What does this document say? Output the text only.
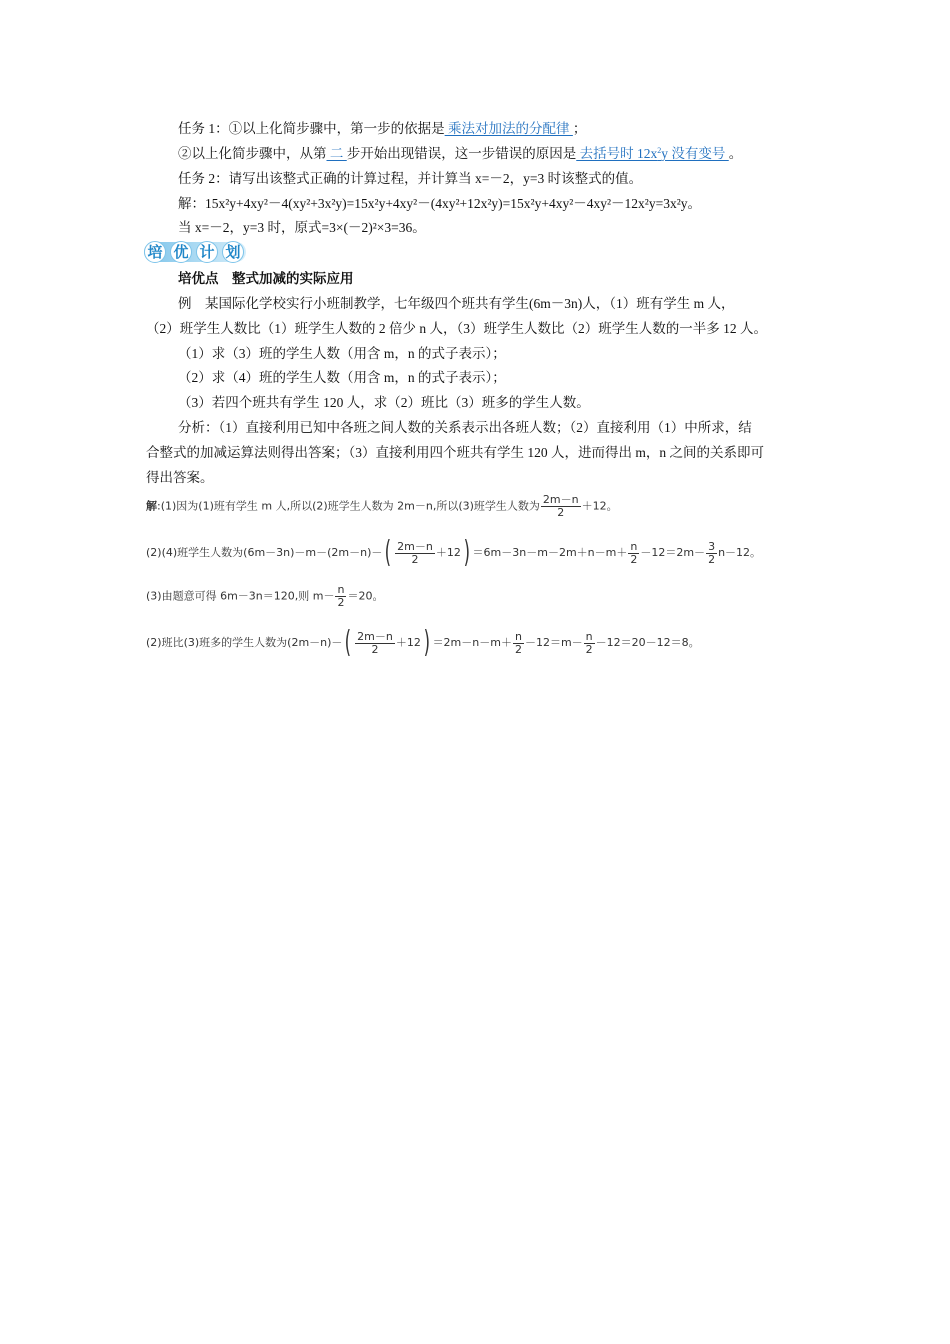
任务 1：①以上化简步骤中，第一步的依据是 乘法对加法的分配律 ；
②以上化简步骤中，从第 二 步开始出现错误，这一步错误的原因是 去括号时 $12x^2y$ 没有变号 。
任务 2：请写出该整式正确的计算过程，并计算当 x=－2，y=3 时该整式的值。
解：15x²y+4xy²－4(xy²+3x²y)=15x²y+4xy²－(4xy²+12x²y)=15x²y+4xy²－4xy²－12x²y=3x²y。
当 x=－2，y=3 时，原式=3×(－2)²×3=36。
培 优 计 划
培优点　整式加减的实际应用
例　某国际化学校实行小班制教学，七年级四个班共有学生(6m－3n)人，（1）班有学生 m 人，
（2）班学生人数比（1）班学生人数的 2 倍少 n 人，（3）班学生人数比（2）班学生人数的一半多 12 人。
（1）求（3）班的学生人数（用含 m，n 的式子表示）；
（2）求（4）班的学生人数（用含 m，n 的式子表示）；
（3）若四个班共有学生 120 人，求（2）班比（3）班多的学生人数。
分析：（1）直接利用已知中各班之间人数的关系表示出各班人数；（2）直接利用（1）中所求，结
合整式的加减运算法则得出答案；（3）直接利用四个班共有学生 120 人，进而得出 m，n 之间的关系即可
得出答案。
解:(1)因为(1)班有学生 m 人,所以(2)班学生人数为 2m－n,所以(3)班学生人数为 $\frac{2m-n}{2} +12$。
(2)(4)班学生人数为$(6m-3n)-m-(2m-n)-( \frac{2m-n}{2} +12) =6m-3n-m-2m+n-m+ \frac{n}{2} -12=2m- \frac{3}{2} n-12$。
(3)由题意可得 6m－3n＝120,则 $m- \frac{n}{2} =20$。
(2)班比(3)班多的学生人数为$(2m-n)-( \frac{2m-n}{2} +12) =2m-n-m+ \frac{n}{2} -12=m- \frac{n}{2} -12=20-12=8$。
